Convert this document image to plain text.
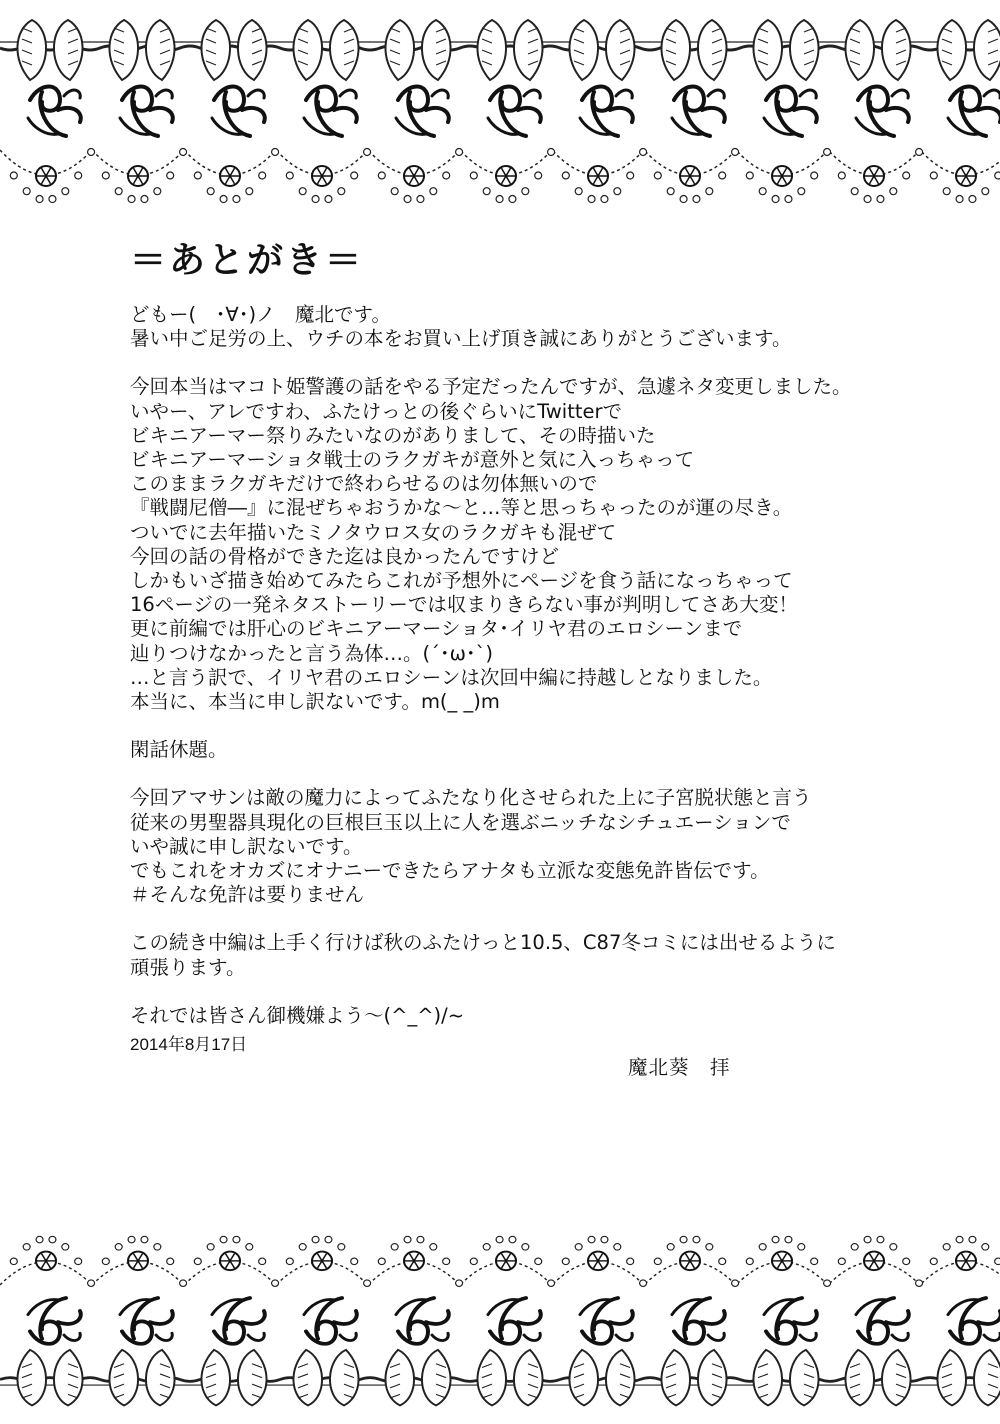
＝あとがき＝

どもー(　･∀･)ノ　魔北です。

暑い中ご足労の上、ウチの本をお買い上げ頂き誠にありがとうございます。

今回本当はマコト姫警護の話をやる予定だったんですが、急遽ネタ変更しました。

いやー、アレですわ、ふたけっとの後ぐらいにTwitterで

ビキニアーマー祭りみたいなのがありまして、その時描いた

ビキニアーマーショタ戦士のラクガキが意外と気に入っちゃって

このままラクガキだけで終わらせるのは勿体無いので

『戦闘尼僧―』に混ぜちゃおうかな～と…等と思っちゃったのが運の尽き。

ついでに去年描いたミノタウロス女のラクガキも混ぜて

今回の話の骨格ができた迄は良かったんですけど

しかもいざ描き始めてみたらこれが予想外にページを食う話になっちゃって

16ページの一発ネタストーリーでは収まりきらない事が判明してさあ大変！

更に前編では肝心のビキニアーマーショタ･イリヤ君のエロシーンまで

辿りつけなかったと言う為体…。(´･ω･`)

…と言う訳で、イリヤ君のエロシーンは次回中編に持越しとなりました。

本当に、本当に申し訳ないです。m(_ _)m

閑話休題。

今回アマサンは敵の魔力によってふたなり化させられた上に子宮脱状態と言う

従来の男聖器具現化の巨根巨玉以上に人を選ぶニッチなシチュエーションで

いや誠に申し訳ないです。

でもこれをオカズにオナニーできたらアナタも立派な変態免許皆伝です。

＃そんな免許は要りません

この続き中編は上手く行けば秋のふたけっと10.5、C87冬コミには出せるように

頑張ります。

それでは皆さん御機嫌よう～(^_^)/~

2014年8月17日
魔北葵　拝
